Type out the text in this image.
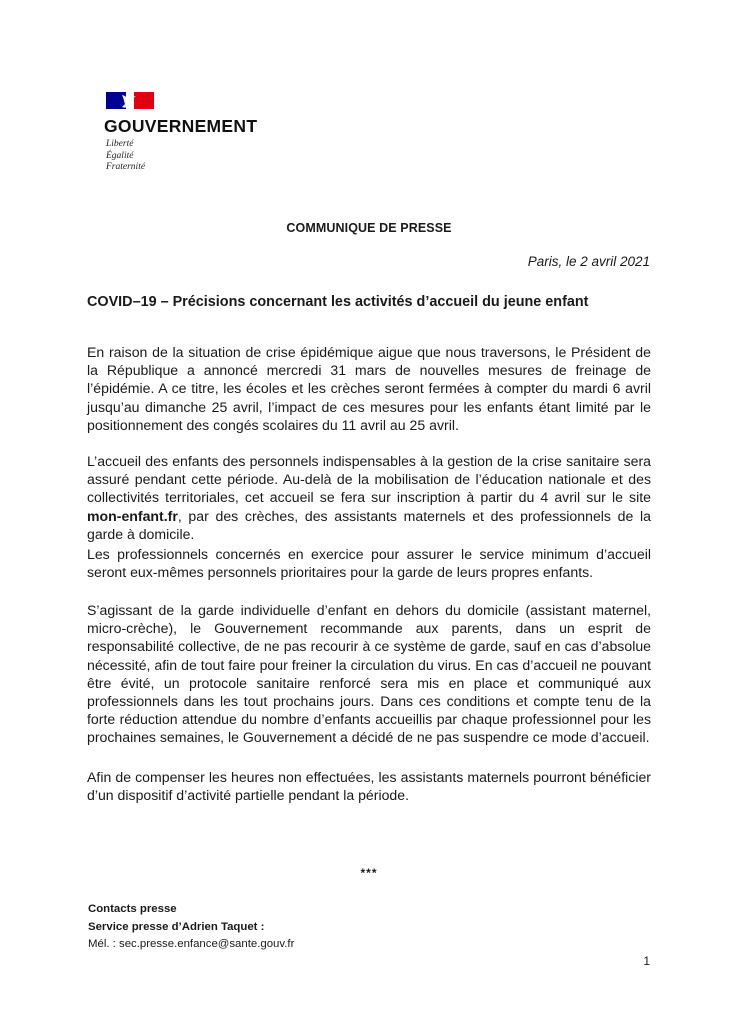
GOUVERNEMENT
Liberté
Égalité
Fraternité
COMMUNIQUE DE PRESSE
Paris, le 2 avril 2021
COVID–19 – Précisions concernant les activités d’accueil du jeune enfant

En raison de la situation de crise épidémique aigue que nous traversons, le Président de la République a annoncé mercredi 31 mars de nouvelles mesures de freinage de l’épidémie. A ce titre, les écoles et les crèches seront fermées à compter du mardi 6 avril jusqu’au dimanche 25 avril, l’impact de ces mesures pour les enfants étant limité par le positionnement des congés scolaires du 11 avril au 25 avril.

L’accueil des enfants des personnels indispensables à la gestion de la crise sanitaire sera assuré pendant cette période. Au-delà de la mobilisation de l’éducation nationale et des collectivités territoriales, cet accueil se fera sur inscription à partir du 4 avril sur le site mon-enfant.fr, par des crèches, des assistants maternels et des professionnels de la garde à domicile.

Les professionnels concernés en exercice pour assurer le service minimum d’accueil seront eux-mêmes personnels prioritaires pour la garde de leurs propres enfants.

S’agissant de la garde individuelle d’enfant en dehors du domicile (assistant maternel, micro-crèche), le Gouvernement recommande aux parents, dans un esprit de responsabilité collective, de ne pas recourir à ce système de garde, sauf en cas d’absolue nécessité, afin de tout faire pour freiner la circulation du virus. En cas d’accueil ne pouvant être évité, un protocole sanitaire renforcé sera mis en place et communiqué aux professionnels dans les tout prochains jours. Dans ces conditions et compte tenu de la forte réduction attendue du nombre d’enfants accueillis par chaque professionnel pour les prochaines semaines, le Gouvernement a décidé de ne pas suspendre ce mode d’accueil.

Afin de compenser les heures non effectuées, les assistants maternels pourront bénéficier d’un dispositif d’activité partielle pendant la période.

***
Contacts presse
Service presse d’Adrien Taquet :
Mél. : sec.presse.enfance@sante.gouv.fr
1
